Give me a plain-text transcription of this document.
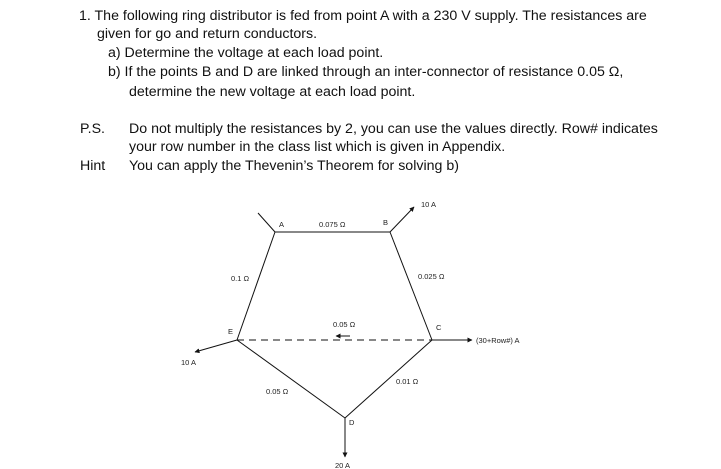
1. The following ring distributor is fed from point A with a 230 V supply. The resistances are
given for go and return conductors.
a) Determine the voltage at each load point.
b) If the points B and D are linked through an inter-connector of resistance 0.05 Ω,
determine the new voltage at each load point.
P.S. Do not multiply the resistances by 2, you can use the values directly. Row# indicates
your row number in the class list which is given in Appendix.
Hint You can apply the Thevenin’s Theorem for solving b)
A	B
C
D
E
0.075 Ω
0.025 Ω
0.01 Ω
0.05 Ω
0.1 Ω
0.05 Ω
10 A
(30+Row#) A
20 A
10 A
